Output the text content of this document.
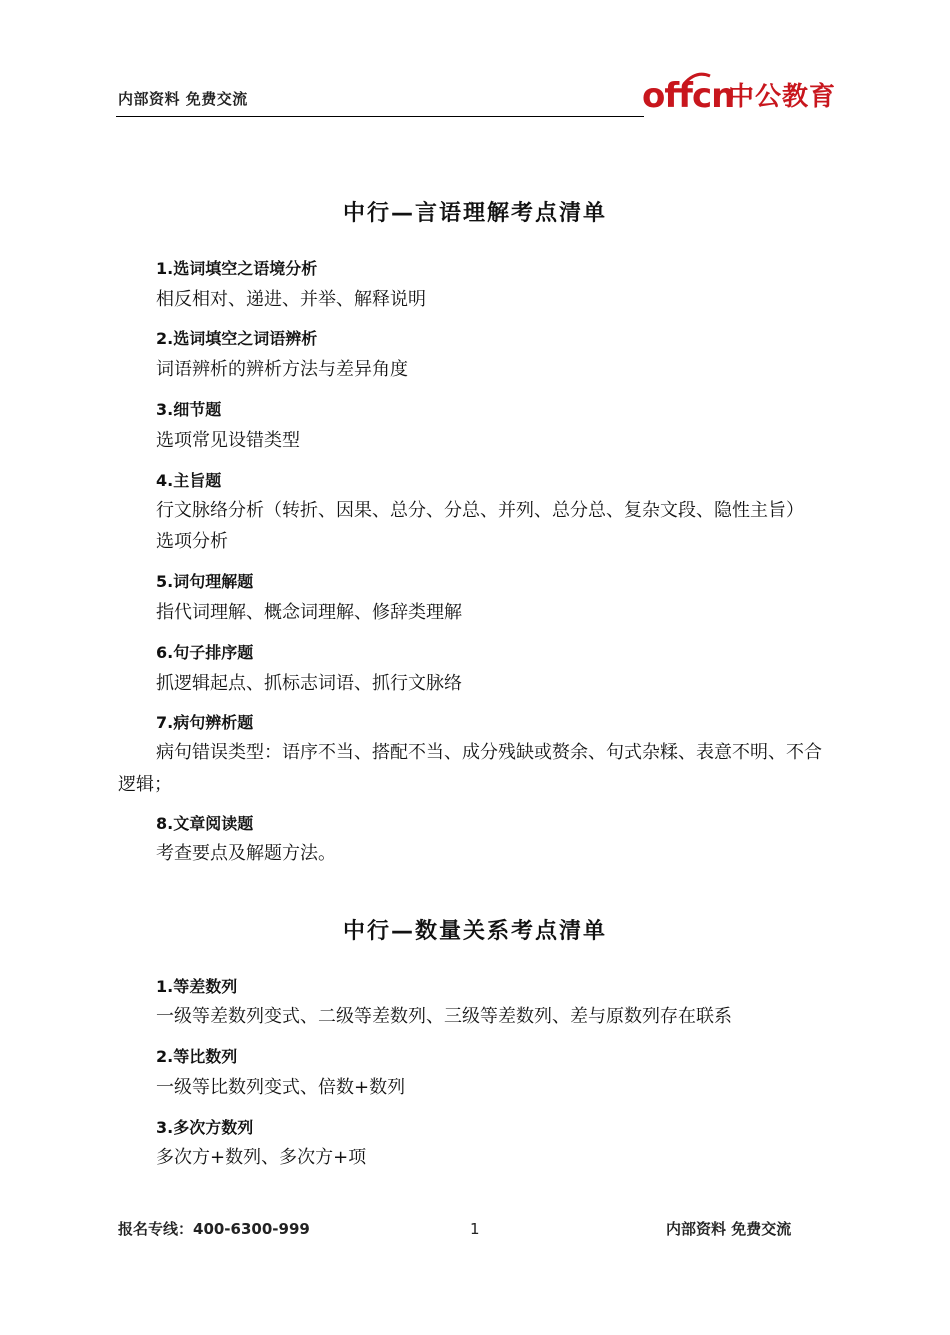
内部资料 免费交流	offcn
中公教育
中行—言语理解考点清单
1.选词填空之语境分析
相反相对、递进、并举、解释说明
2.选词填空之词语辨析
词语辨析的辨析方法与差异角度
3.细节题
选项常见设错类型
4.主旨题
行文脉络分析（转折、因果、总分、分总、并列、总分总、复杂文段、隐性主旨）
选项分析
5.词句理解题
指代词理解、概念词理解、修辞类理解
6.句子排序题
抓逻辑起点、抓标志词语、抓行文脉络
7.病句辨析题
病句错误类型：语序不当、搭配不当、成分残缺或赘余、句式杂糅、表意不明、不合逻辑；
8.文章阅读题
考查要点及解题方法。
中行—数量关系考点清单
1.等差数列
一级等差数列变式、二级等差数列、三级等差数列、差与原数列存在联系
2.等比数列
一级等比数列变式、倍数+数列
3.多次方数列
多次方+数列、多次方+项
报名专线：400-6300-999	1	内部资料 免费交流
